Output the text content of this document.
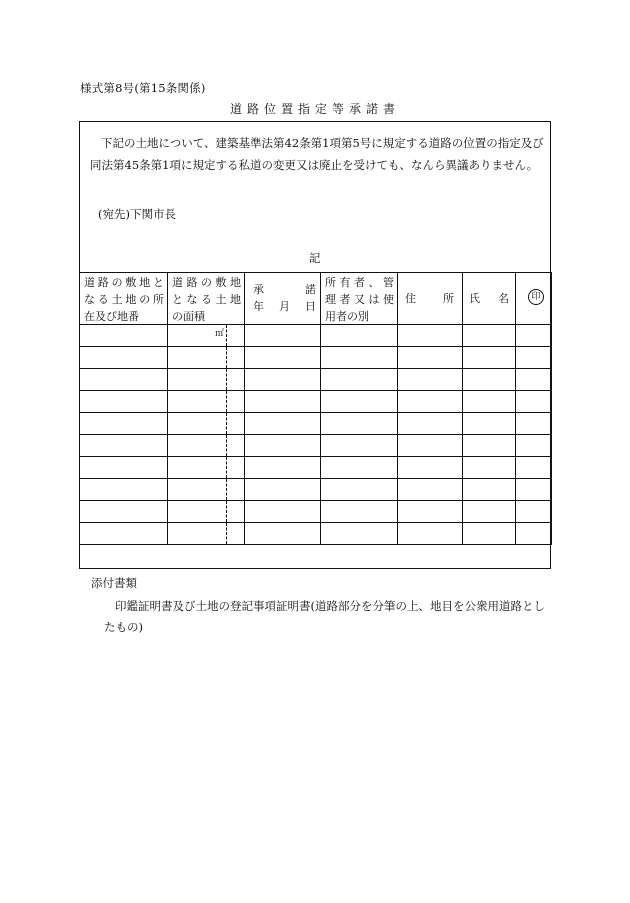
様式第8号(第15条関係)
道路位置指定等承諾書

下記の土地について、建築基準法第42条第1項第5号に規定する道路の位置の指定及び同法第45条第1項に規定する私道の変更又は廃止を受けても、なんら異議ありません。

(宛先)下関市長
記
道路の敷地と
なる土地の所
在及び地番	道路の敷地
となる土地
の面積	承 諾
年 月 日	所有者、管
理者又は使
用者の別	住 所	氏 名	印

	㎡					

添付書類

印鑑証明書及び土地の登記事項証明書(道路部分を分筆の上、地目を公衆用道路としたもの)
